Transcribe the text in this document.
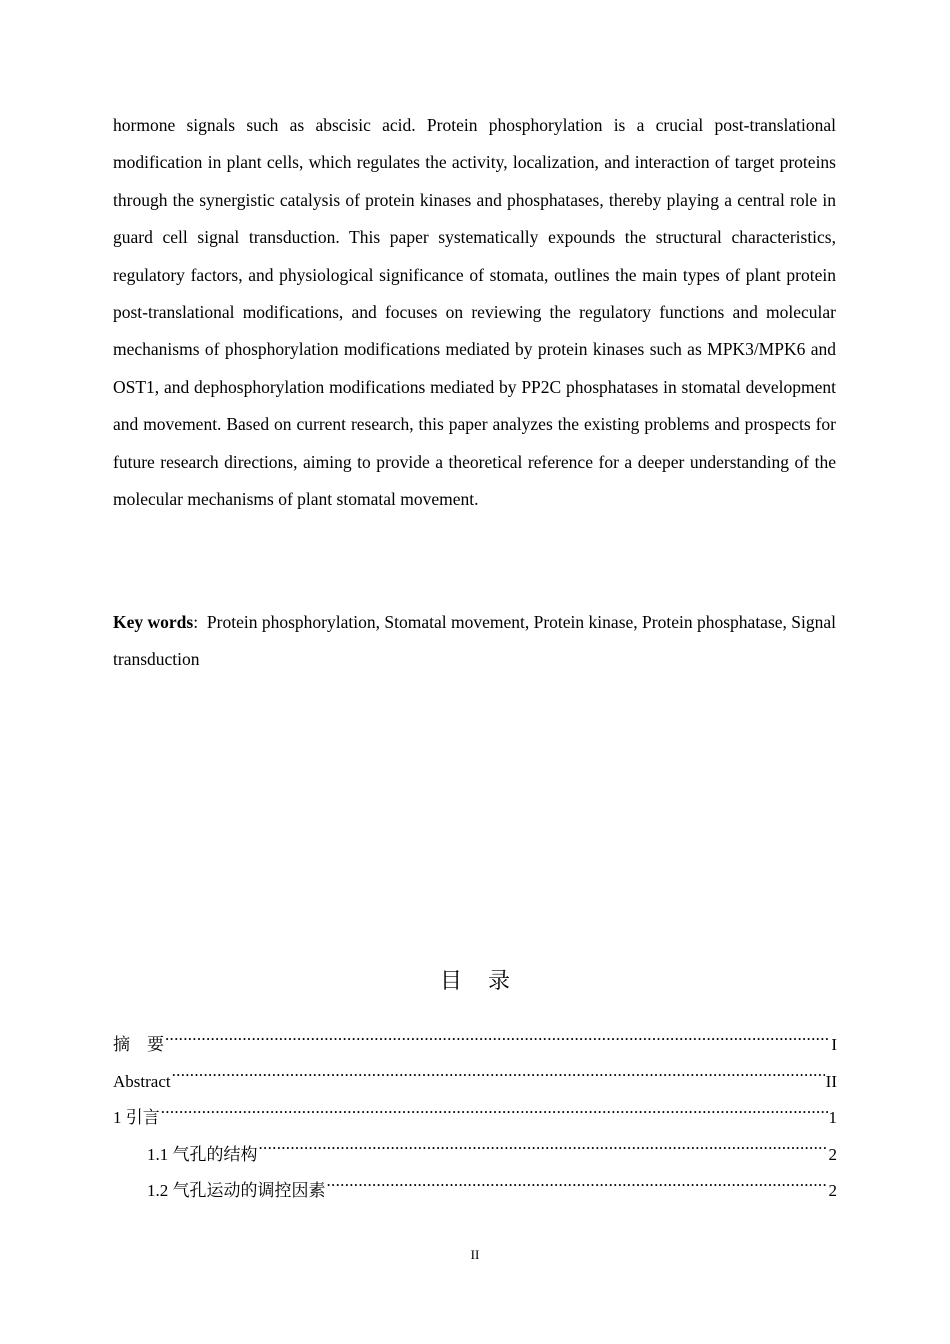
hormone signals such as abscisic acid. Protein phosphorylation is a crucial post-translational modification in plant cells, which regulates the activity, localization, and interaction of target proteins through the synergistic catalysis of protein kinases and phosphatases, thereby playing a central role in guard cell signal transduction. This paper systematically expounds the structural characteristics, regulatory factors, and physiological significance of stomata, outlines the main types of plant protein post-translational modifications, and focuses on reviewing the regulatory functions and molecular mechanisms of phosphorylation modifications mediated by protein kinases such as MPK3/MPK6 and OST1, and dephosphorylation modifications mediated by PP2C phosphatases in stomatal development and movement. Based on current research, this paper analyzes the existing problems and prospects for future research directions, aiming to provide a theoretical reference for a deeper understanding of the molecular mechanisms of plant stomatal movement.

Key words: Protein phosphorylation, Stomatal movement, Protein kinase, Protein phosphatase, Signal transduction

目录
摘　要 .....	I
Abstract .....	II
1 引言 .....	1
1.1 气孔的结构 .....	2
1.2 气孔运动的调控因素 .....	2
II
